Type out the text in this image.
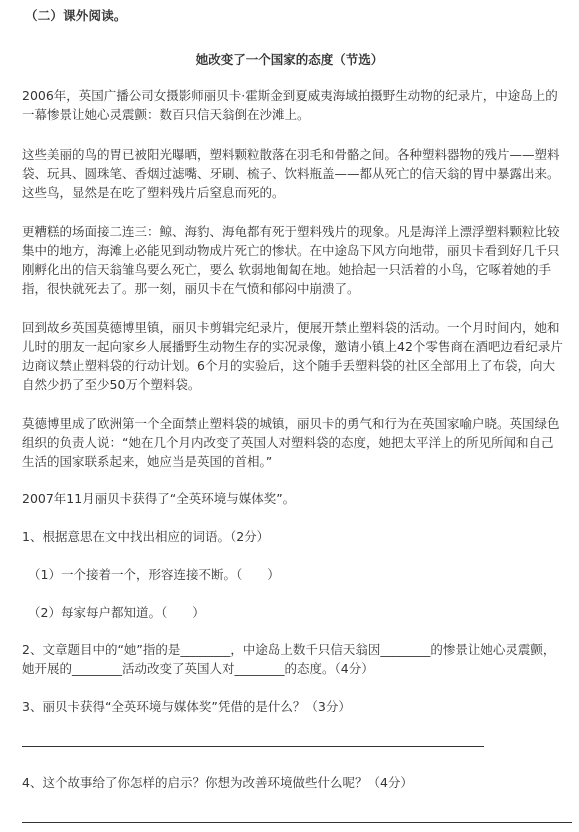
（二）课外阅读。
她改变了一个国家的态度（节选）

2006年，英国广播公司女摄影师丽贝卡·霍斯金到夏威夷海域拍摄野生动物的纪录片，中途岛上的一幕惨景让她心灵震颤：数百只信天翁倒在沙滩上。

这些美丽的鸟的胃已被阳光曝晒，塑料颗粒散落在羽毛和骨骼之间。各种塑料器物的残片——塑料袋、玩具、圆珠笔、香烟过滤嘴、牙刷、梳子、饮料瓶盖——都从死亡的信天翁的胃中暴露出来。这些鸟，显然是在吃了塑料残片后窒息而死的。

更糟糕的场面接二连三：鲸、海豹、海龟都有死于塑料残片的现象。凡是海洋上漂浮塑料颗粒比较集中的地方，海滩上必能见到动物成片死亡的惨状。在中途岛下风方向地带，丽贝卡看到好几千只刚孵化出的信天翁雏鸟要么死亡，要么 软弱地匍匐在地。她拾起一只活着的小鸟，它啄着她的手指，很快就死去了。那一刻，丽贝卡在气愤和郁闷中崩溃了。

回到故乡英国莫德博里镇，丽贝卡剪辑完纪录片，便展开禁止塑料袋的活动。一个月时间内，她和儿时的朋友一起向家乡人展播野生动物生存的实况录像，邀请小镇上42个零售商在酒吧边看纪录片边商议禁止塑料袋的行动计划。6个月的实验后，这个随手丢塑料袋的社区全部用上了布袋，向大自然少扔了至少50万个塑料袋。

莫德博里成了欧洲第一个全面禁止塑料袋的城镇，丽贝卡的勇气和行为在英国家喻户晓。英国绿色组织的负责人说：“她在几个月内改变了英国人对塑料袋的态度，她把太平洋上的所见所闻和自己生活的国家联系起来，她应当是英国的首相。”

2007年11月丽贝卡获得了“全英环境与媒体奖”。

1、根据意思在文中找出相应的词语。（2分）

（1）一个接着一个，形容连接不断。（　　）

（2）每家每户都知道。（　　）

2、文章题目中的“她”指的是________，中途岛上数千只信天翁因________的惨景让她心灵震颤，她开展的________活动改变了英国人对________的态度。（4分）

3、丽贝卡获得“全英环境与媒体奖”凭借的是什么？（3分）

4、这个故事给了你怎样的启示？你想为改善环境做些什么呢？（4分）
